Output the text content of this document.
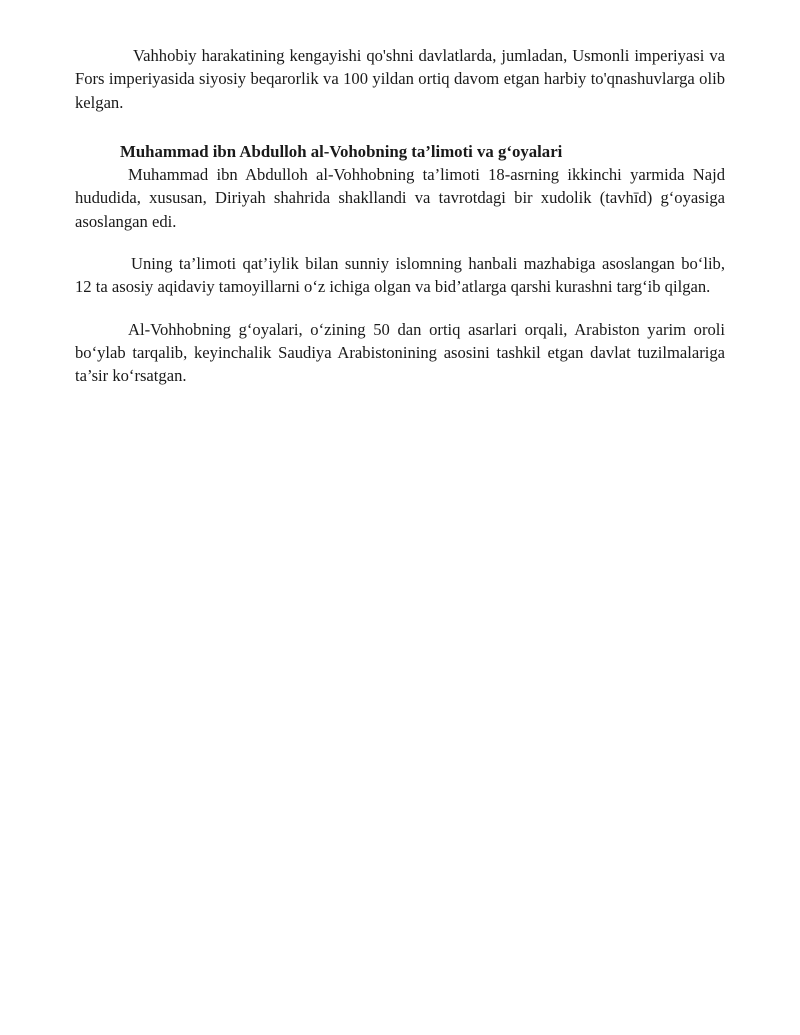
Vahhobiy harakatining kengayishi qo'shni davlatlarda, jumladan, Usmonli imperiyasi va Fors imperiyasida siyosiy beqarorlik va 100 yildan ortiq davom etgan harbiy to'qnashuvlarga olib kelgan.

Muhammad ibn Abdulloh al-Vohobning ta’limoti va g‘oyalari

Muhammad ibn Abdulloh al-Vohhobning ta’limoti 18-asrning ikkinchi yarmida Najd hududida, xususan, Diriyah shahrida shakllandi va tavrotdagi bir xudolik (tavhīd) g‘oyasiga asoslangan edi.

Uning ta’limoti qat’iylik bilan sunniy islomning hanbali mazhabiga asoslangan bo‘lib, 12 ta asosiy aqidaviy tamoyillarni o‘z ichiga olgan va bid’atlarga qarshi kurashni targ‘ib qilgan.

Al-Vohhobning g‘oyalari, o‘zining 50 dan ortiq asarlari orqali, Arabiston yarim oroli bo‘ylab tarqalib, keyinchalik Saudiya Arabistonining asosini tashkil etgan davlat tuzilmalariga ta’sir ko‘rsatgan.
